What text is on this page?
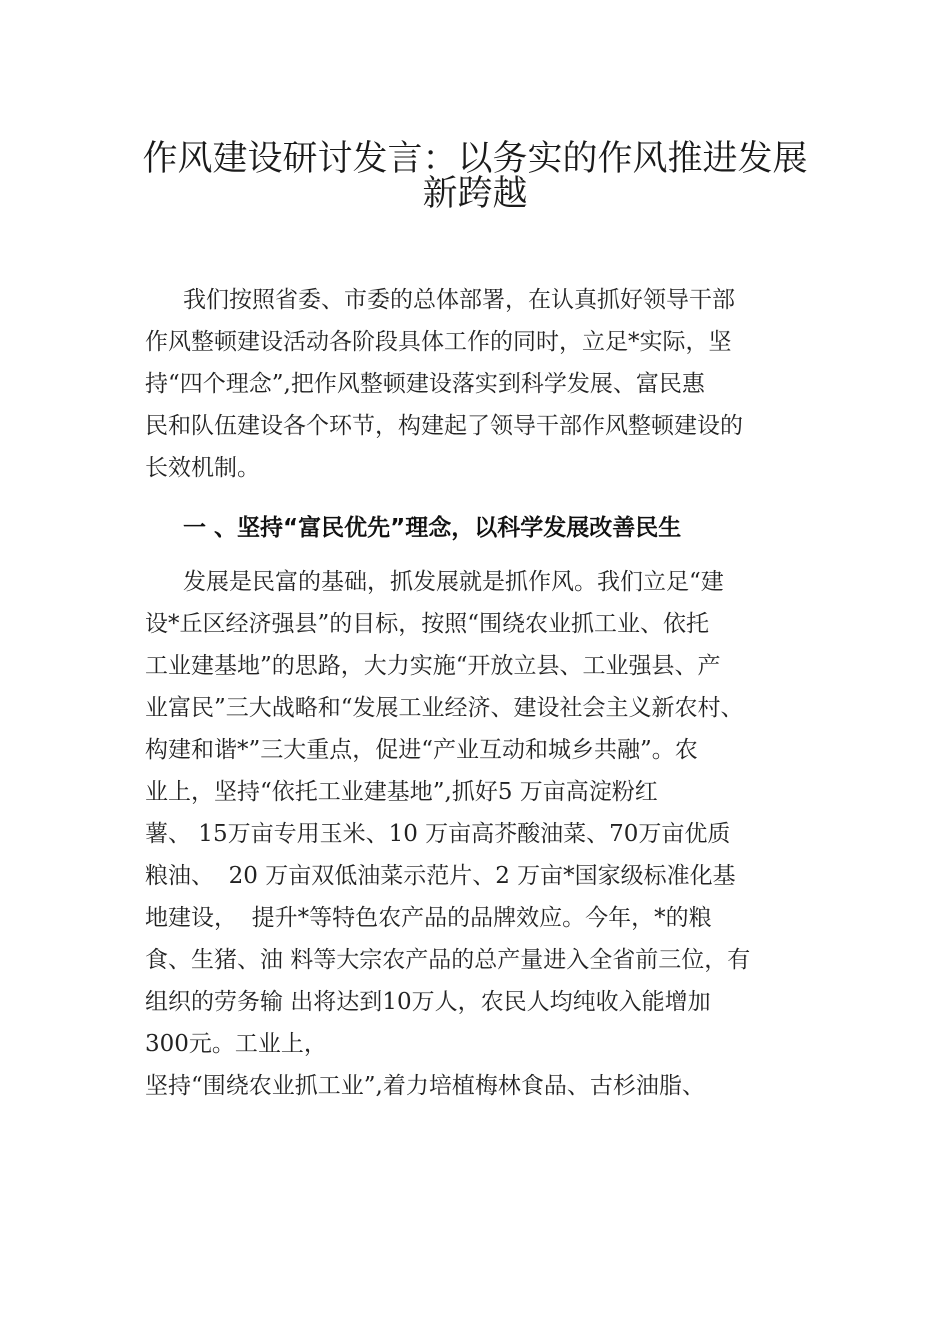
作风建设研讨发言：以务实的作风推进发展
新跨越

我们按照省委、市委的总体部署，在认真抓好领导干部

作风整顿建设活动各阶段具体工作的同时，立足*实际，坚

持“四个理念”,把作风整顿建设落实到科学发展、富民惠

民和队伍建设各个环节，构建起了领导干部作风整顿建设的

长效机制。

一 、坚持“富民优先”理念，以科学发展改善民生

发展是民富的基础，抓发展就是抓作风。我们立足“建

设*丘区经济强县”的目标，按照“围绕农业抓工业、依托

工业建基地”的思路，大力实施“开放立县、工业强县、产

业富民”三大战略和“发展工业经济、建设社会主义新农村、

构建和谐*”三大重点，促进“产业互动和城乡共融”。农

业上，坚持“依托工业建基地”,抓好5 万亩高淀粉红

薯、 15万亩专用玉米、10 万亩高芥酸油菜、70万亩优质

粮油、  20 万亩双低油菜示范片、2 万亩*国家级标准化基

地建设，  提升*等特色农产品的品牌效应。今年，*的粮

食、生猪、油 料等大宗农产品的总产量进入全省前三位，有

组织的劳务输 出将达到10万人，农民人均纯收入能增加

300元。工业上，

坚持“围绕农业抓工业”,着力培植梅林食品、古杉油脂、
